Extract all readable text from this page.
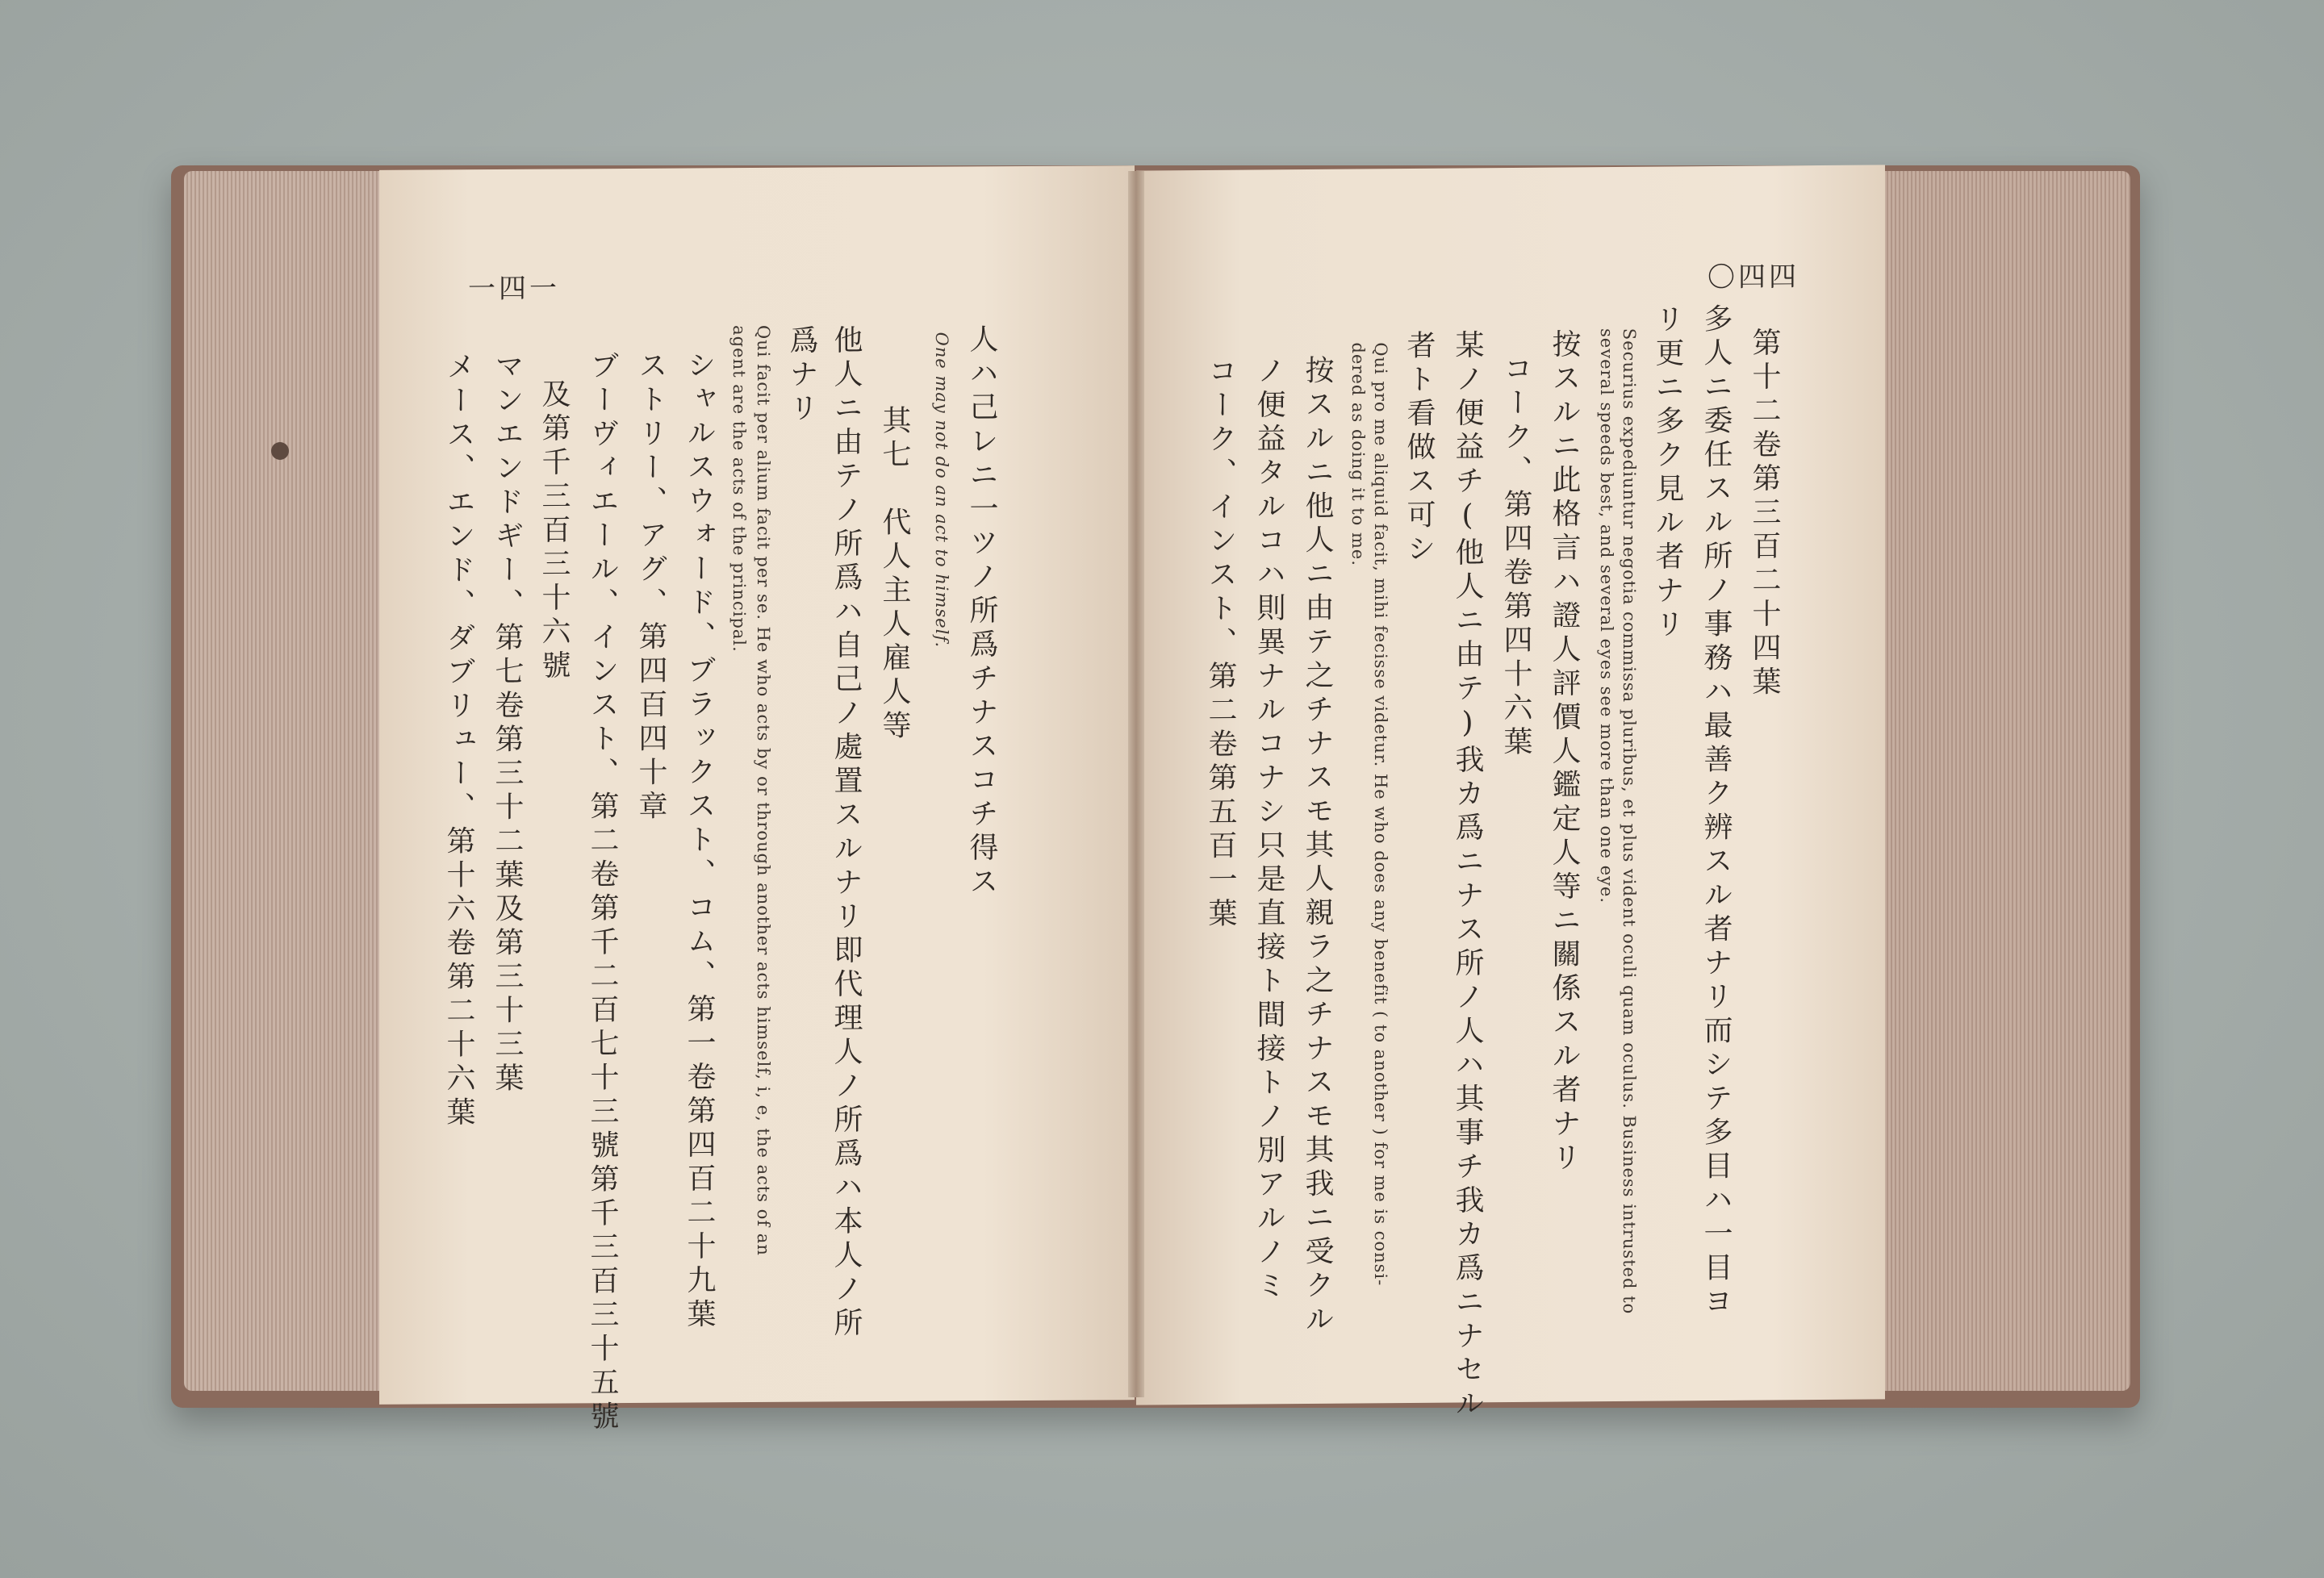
一四一
人ハ己レニ一ツノ所爲チナスコチ得ス
One may not do an act to himself.
其七　代人主人雇人等
他人ニ由テノ所爲ハ自己ノ處置スルナリ即代理人ノ所爲ハ本人ノ所
爲ナリ
Qui facit per alium facit per se. He who acts by or through another acts himself, i, e, the acts of an
agent are the acts of the principal.
シャルスウォード、ブラックスト、コム、第一卷第四百二十九葉
ストリー、アグ、第四百四十章
ブーヴィエール、インスト、第二卷第千二百七十三號第千三百三十五號
及第千三百三十六號
マンエンドギー、第七卷第三十二葉及第三十三葉
メース、エンド、ダブリュー、第十六卷第二十六葉
〇四四
第十二卷第三百二十四葉
多人ニ委任スル所ノ事務ハ最善ク辨スル者ナリ而シテ多目ハ一目ヨ
リ更ニ多ク見ル者ナリ
Securius expediuntur negotia commissa pluribus, et plus vident oculi quam oculus. Business intrusted to
several speeds best, and several eyes see more than one eye.
按スルニ此格言ハ證人評價人鑑定人等ニ關係スル者ナリ
コーク、第四卷第四十六葉
某ノ便益チ(他人ニ由テ)我カ爲ニナス所ノ人ハ其事チ我カ爲ニナセル
者ト看做ス可シ
Qui pro me aliquid facit, mihi fecisse videtur. He who does any benefit ( to another ) for me is consi-
dered as doing it to me.
按スルニ他人ニ由テ之チナスモ其人親ラ之チナスモ其我ニ受クル
ノ便益タルコハ則異ナルコナシ只是直接ト間接トノ別アルノミ
コーク、インスト、第二卷第五百一葉
